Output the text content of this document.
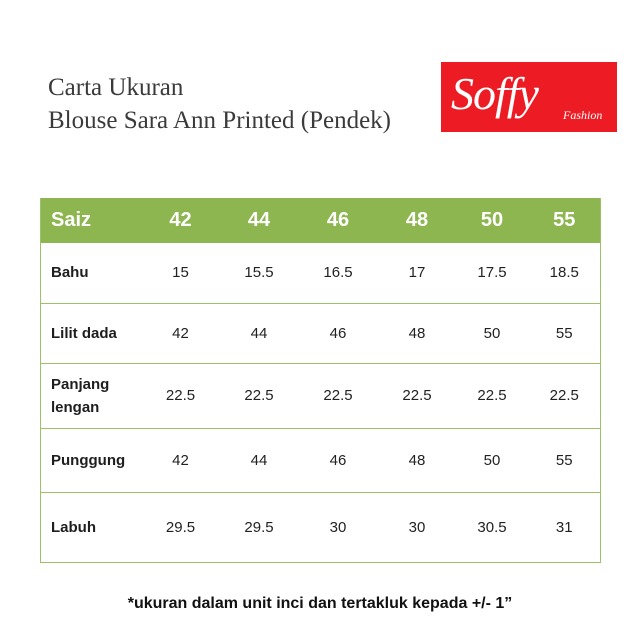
Carta Ukuran
Blouse Sara Ann Printed (Pendek)
Soffy Fashion
Saiz	42	44	46	48	50	55
Bahu	15	15.5	16.5	17	17.5	18.5
Lilit dada	42	44	46	48	50	55
Panjang lengan	22.5	22.5	22.5	22.5	22.5	22.5
Punggung	42	44	46	48	50	55
Labuh	29.5	29.5	30	30	30.5	31
*ukuran dalam unit inci dan tertakluk kepada +/- 1”
